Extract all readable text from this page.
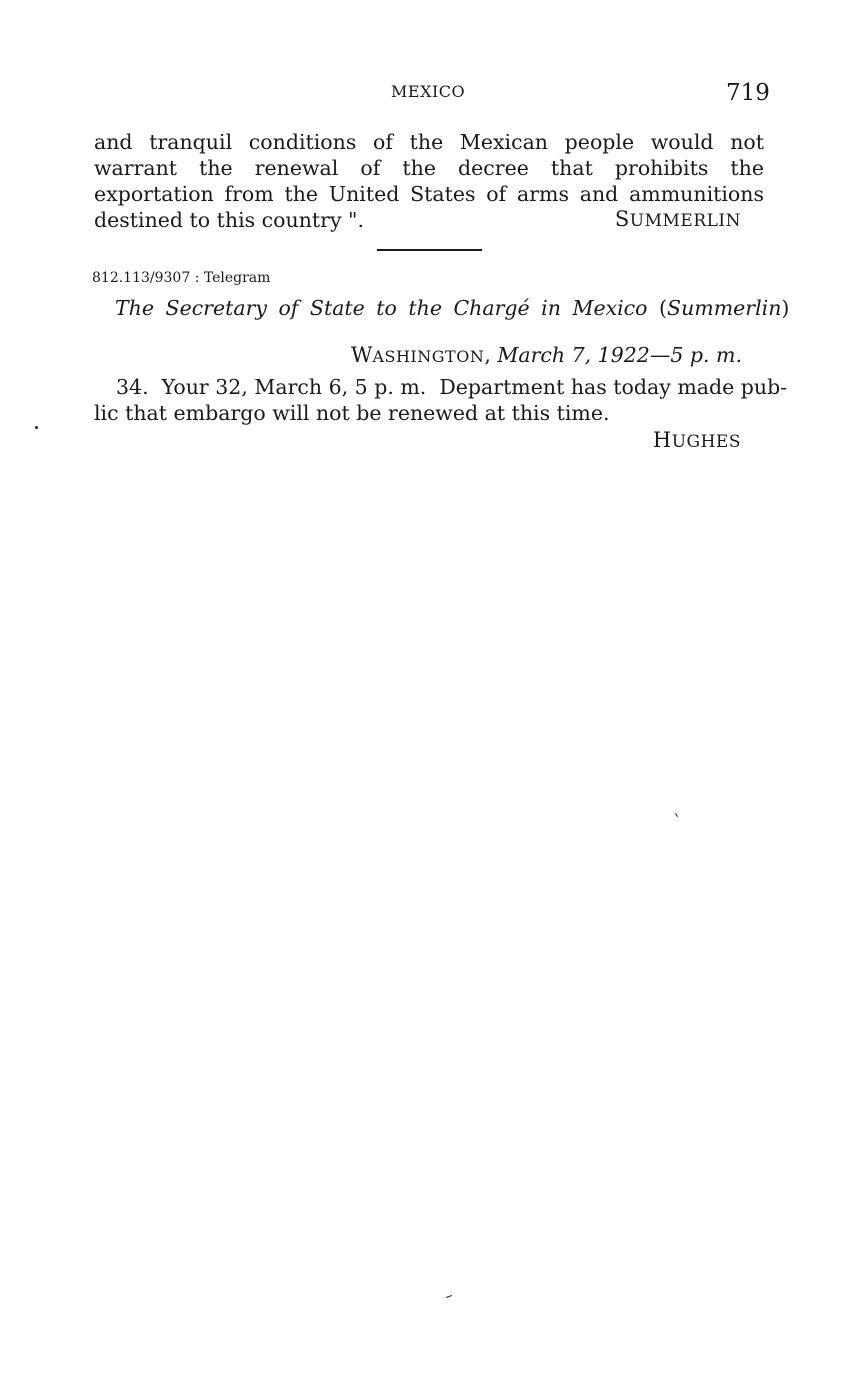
MEXICO	719

and tranquil conditions of the Mexican people would not warrant the renewal of the decree that prohibits the exportation from the United States of arms and ammunitions destined to this country ".	SUMMERLIN
812.113/9307 : Telegram
The Secretary of State to the Chargé in Mexico (Summerlin)
WASHINGTON, March 7, 1922—5 p. m.
34.  Your 32, March 6, 5 p. m.  Department has today made pub-
lic that embargo will not be renewed at this time.
HUGHES
